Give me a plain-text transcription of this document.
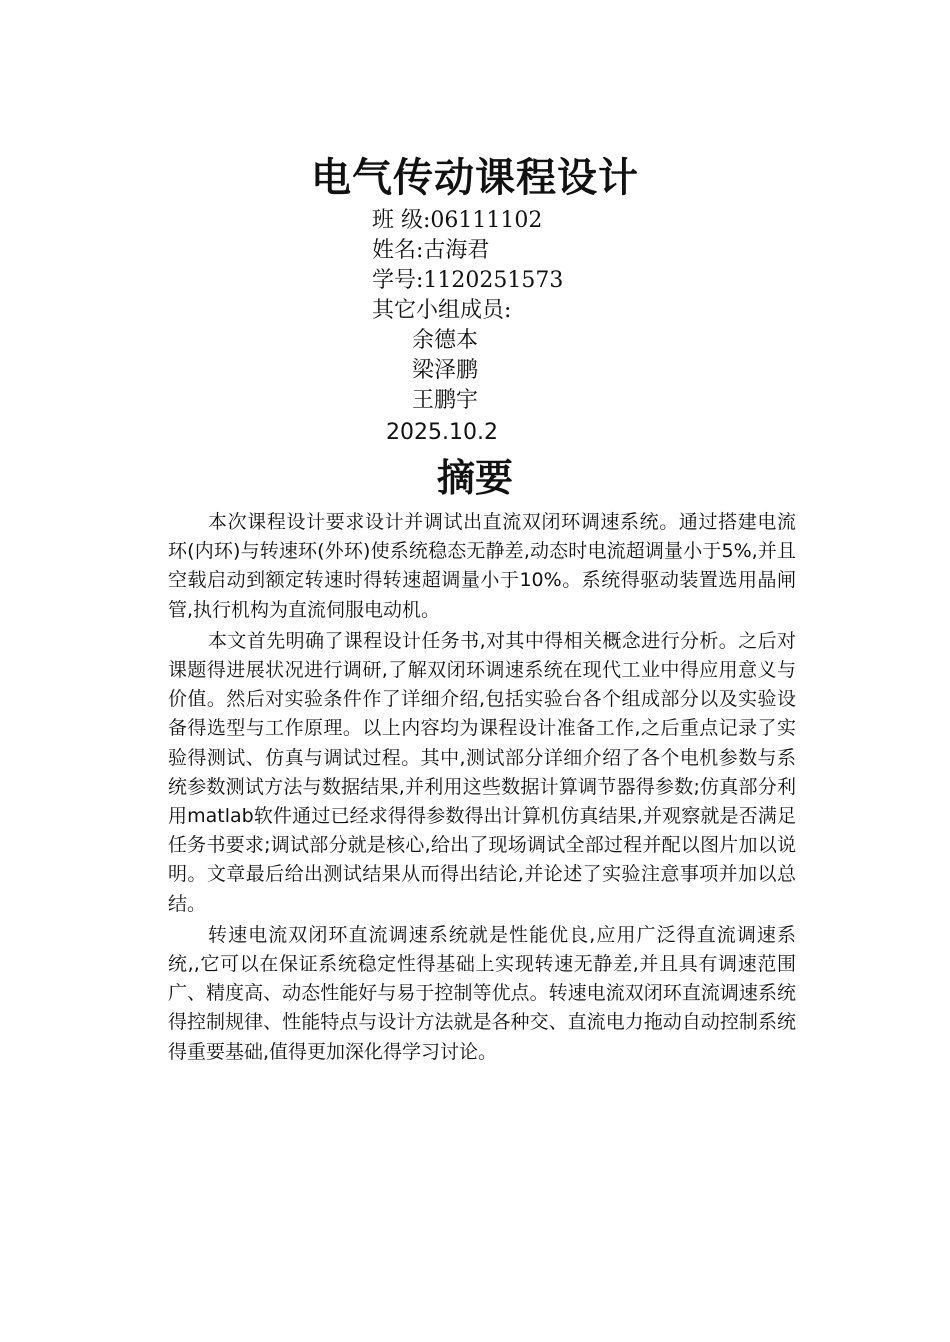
电气传动课程设计
班 级:06111102
姓名:古海君
学号:1120251573
其它小组成员:
余德本
梁泽鹏
王鹏宇
2025.10.2
摘要

本次课程设计要求设计并调试出直流双闭环调速系统。通过搭建电流环(内环)与转速环(外环)使系统稳态无静差,动态时电流超调量小于5%,并且空载启动到额定转速时得转速超调量小于10%。系统得驱动装置选用晶闸管,执行机构为直流伺服电动机。

本文首先明确了课程设计任务书,对其中得相关概念进行分析。之后对课题得进展状况进行调研,了解双闭环调速系统在现代工业中得应用意义与价值。然后对实验条件作了详细介绍,包括实验台各个组成部分以及实验设备得选型与工作原理。以上内容均为课程设计准备工作,之后重点记录了实验得测试、仿真与调试过程。其中,测试部分详细介绍了各个电机参数与系统参数测试方法与数据结果,并利用这些数据计算调节器得参数;仿真部分利用matlab软件通过已经求得得参数得出计算机仿真结果,并观察就是否满足任务书要求;调试部分就是核心,给出了现场调试全部过程并配以图片加以说明。文章最后给出测试结果从而得出结论,并论述了实验注意事项并加以总结。

转速电流双闭环直流调速系统就是性能优良,应用广泛得直流调速系统,,它可以在保证系统稳定性得基础上实现转速无静差,并且具有调速范围广、精度高、动态性能好与易于控制等优点。转速电流双闭环直流调速系统得控制规律、性能特点与设计方法就是各种交、直流电力拖动自动控制系统得重要基础,值得更加深化得学习讨论。
